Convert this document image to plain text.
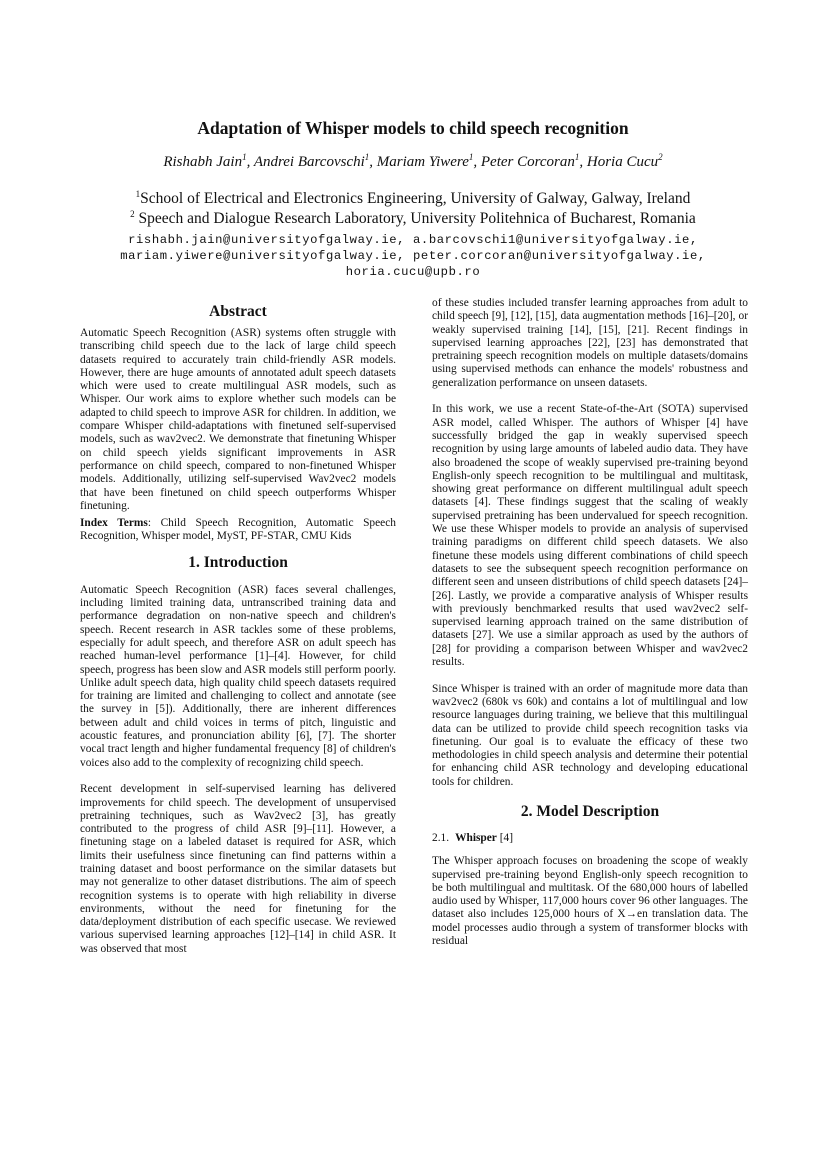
Adaptation of Whisper models to child speech recognition
Rishabh Jain$^1$, Andrei Barcovschi$^1$, Mariam Yiwere$^1$, Peter Corcoran$^1$, Horia Cucu$^2$
$^1$School of Electrical and Electronics Engineering, University of Galway, Galway, Ireland
$^2$ Speech and Dialogue Research Laboratory, University Politehnica of Bucharest, Romania
rishabh.jain@universityofgalway.ie, a.barcovschi1@universityofgalway.ie,
mariam.yiwere@universityofgalway.ie, peter.corcoran@universityofgalway.ie,
horia.cucu@upb.ro
Abstract

Automatic Speech Recognition (ASR) systems often struggle with transcribing child speech due to the lack of large child speech datasets required to accurately train child-friendly ASR models. However, there are huge amounts of annotated adult speech datasets which were used to create multilingual ASR models, such as Whisper. Our work aims to explore whether such models can be adapted to child speech to improve ASR for children. In addition, we compare Whisper child-adaptations with finetuned self-supervised models, such as wav2vec2. We demonstrate that finetuning Whisper on child speech yields significant improvements in ASR performance on child speech, compared to non-finetuned Whisper models. Additionally, utilizing self-supervised Wav2vec2 models that have been finetuned on child speech outperforms Whisper finetuning.

Index Terms: Child Speech Recognition, Automatic Speech Recognition, Whisper model, MyST, PF-STAR, CMU Kids

1. Introduction

Automatic Speech Recognition (ASR) faces several challenges, including limited training data, untranscribed training data and performance degradation on non-native speech and children's speech. Recent research in ASR tackles some of these problems, especially for adult speech, and therefore ASR on adult speech has reached human-level performance [1]–[4]. However, for child speech, progress has been slow and ASR models still perform poorly. Unlike adult speech data, high quality child speech datasets required for training are limited and challenging to collect and annotate (see the survey in [5]). Additionally, there are inherent differences between adult and child voices in terms of pitch, linguistic and acoustic features, and pronunciation ability [6], [7]. The shorter vocal tract length and higher fundamental frequency [8] of children's voices also add to the complexity of recognizing child speech.

Recent development in self-supervised learning has delivered improvements for child speech. The development of unsupervised pretraining techniques, such as Wav2vec2 [3], has greatly contributed to the progress of child ASR [9]–[11]. However, a finetuning stage on a labeled dataset is required for ASR, which limits their usefulness since finetuning can find patterns within a training dataset and boost performance on the similar datasets but may not generalize to other dataset distributions. The aim of speech recognition systems is to operate with high reliability in diverse environments, without the need for finetuning for the data/deployment distribution of each specific usecase. We reviewed various supervised learning approaches [12]–[14] in child ASR. It was observed that most

of these studies included transfer learning approaches from adult to child speech [9], [12], [15], data augmentation methods [16]–[20], or weakly supervised training [14], [15], [21]. Recent findings in supervised learning approaches [22], [23] has demonstrated that pretraining speech recognition models on multiple datasets/domains using supervised methods can enhance the models' robustness and generalization performance on unseen datasets.

In this work, we use a recent State-of-the-Art (SOTA) supervised ASR model, called Whisper. The authors of Whisper [4] have successfully bridged the gap in weakly supervised speech recognition by using large amounts of labeled audio data. They have also broadened the scope of weakly supervised pre-training beyond English-only speech recognition to be multilingual and multitask, showing great performance on different multilingual adult speech datasets [4]. These findings suggest that the scaling of weakly supervised pretraining has been undervalued for speech recognition. We use these Whisper models to provide an analysis of supervised training paradigms on different child speech datasets. We also finetune these models using different combinations of child speech datasets to see the subsequent speech recognition performance on different seen and unseen distributions of child speech datasets [24]–[26]. Lastly, we provide a comparative analysis of Whisper results with previously benchmarked results that used wav2vec2 self-supervised learning approach trained on the same distribution of datasets [27]. We use a similar approach as used by the authors of [28] for providing a comparison between Whisper and wav2vec2 results.

Since Whisper is trained with an order of magnitude more data than wav2vec2 (680k vs 60k) and contains a lot of multilingual and low resource languages during training, we believe that this multilingual data can be utilized to provide child speech recognition tasks via finetuning. Our goal is to evaluate the efficacy of these two methodologies in child speech analysis and determine their potential for enhancing child ASR technology and developing educational tools for children.

2. Model Description
2.1. Whisper [4]

The Whisper approach focuses on broadening the scope of weakly supervised pre-training beyond English-only speech recognition to be both multilingual and multitask. Of the 680,000 hours of labelled audio used by Whisper, 117,000 hours cover 96 other languages. The dataset also includes 125,000 hours of X→en translation data. The model processes audio through a system of transformer blocks with residual
